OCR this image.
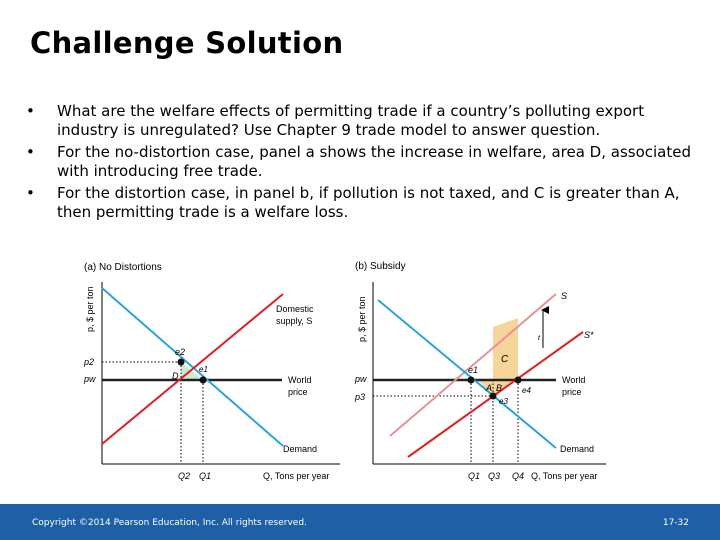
Challenge Solution
• What are the welfare effects of permitting trade if a country’s polluting export industry is unregulated? Use Chapter 9 trade model to answer question.
• For the no-distortion case, panel a shows the increase in welfare, area D, associated with introducing free trade.
• For the distortion case, in panel b, if pollution is not taxed, and C is greater than A, then permitting trade is a welfare loss.
(a) No Distortions
p, $ per ton
D
e2
e1
p2
pw
Q2 Q1	Q, Tons per year
Domestic
supply, S
World
price
Demand
(b) Subsidy
p, $ per ton
S
S*
t
C
A B
e1
e4
e3
pw
p3
Q1 Q3 Q4 Q, Tons per year
World
price
Demand
Copyright ©2014 Pearson Education, Inc. All rights reserved.	17-32
